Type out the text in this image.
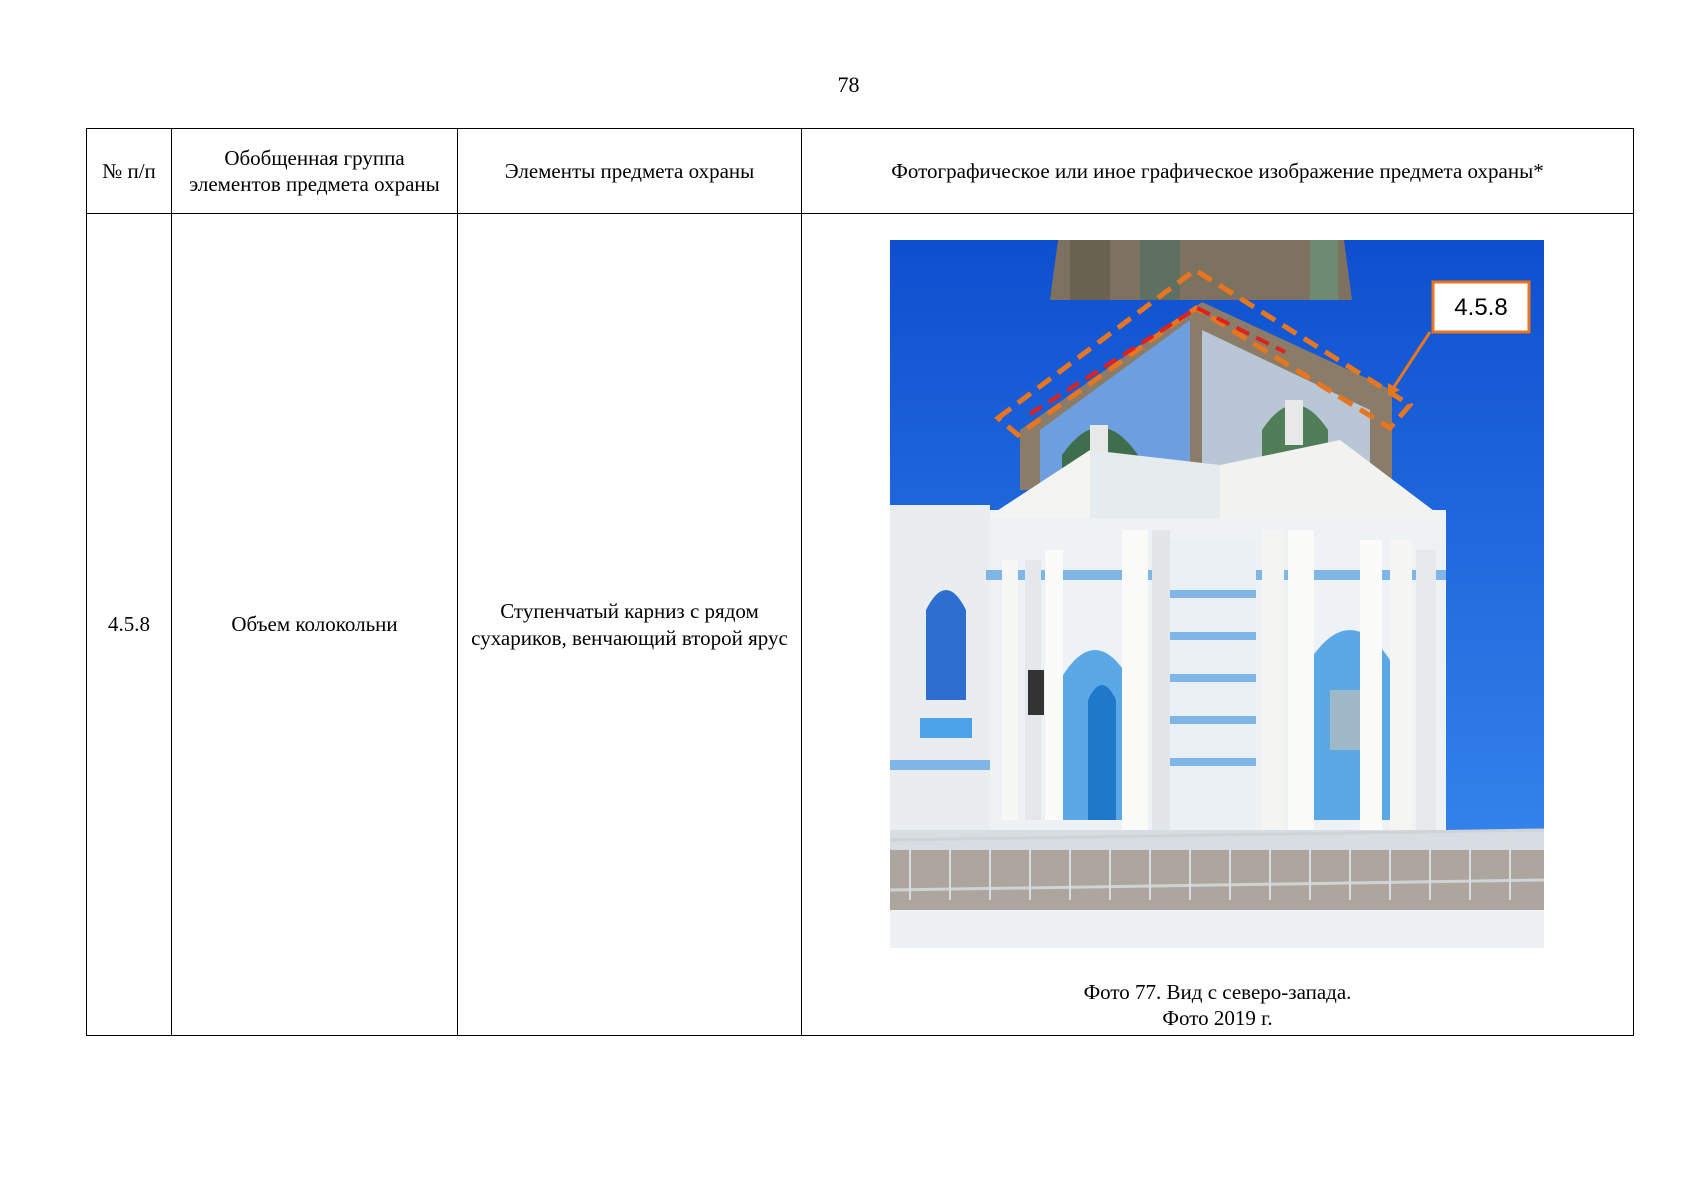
78
№ п/п	Обобщенная группа элементов предмета охраны	Элементы предмета охраны	Фотографическое или иное графическое изображение предмета охраны*
4.5.8	Объем колокольни	Ступенчатый карниз с рядом сухариков, венчающий второй ярус	4.5.8
Фото 77. Вид с северо-запада.
Фото 2019 г.
